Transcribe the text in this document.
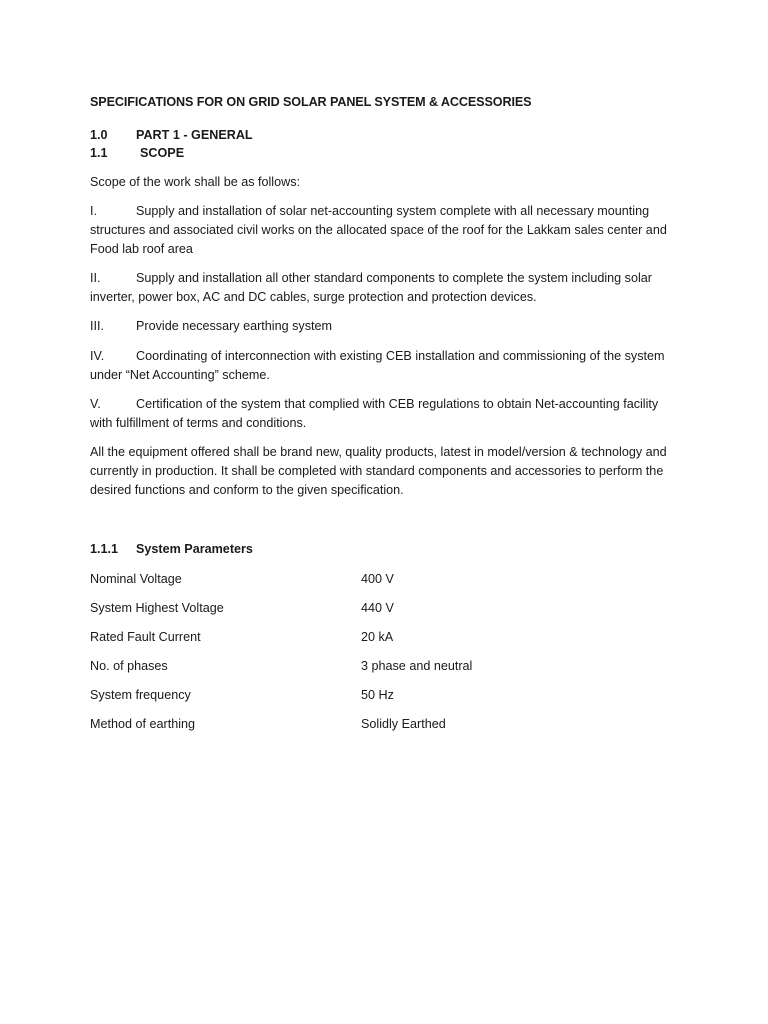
SPECIFICATIONS FOR ON GRID SOLAR PANEL SYSTEM & ACCESSORIES

1.0	PART 1 - GENERAL
1.1	SCOPE

Scope of the work shall be as follows:

I.	Supply and installation of solar net-accounting system complete with all necessary mounting structures and associated civil works on the allocated space of the roof for the Lakkam sales center and Food lab roof area

II.	Supply and installation all other standard components to complete the system including solar inverter, power box, AC and DC cables, surge protection and protection devices.

III.	Provide necessary earthing system

IV.	Coordinating of interconnection with existing CEB installation and commissioning of the system under “Net Accounting” scheme.

V.	Certification of the system that complied with CEB regulations to obtain Net-accounting facility with fulfillment of terms and conditions.

All the equipment offered shall be brand new, quality products, latest in model/version & technology and currently in production. It shall be completed with standard components and accessories to perform the desired functions and conform to the given specification.

1.1.1	System Parameters
Nominal Voltage	400 V
System Highest Voltage	440 V
Rated Fault Current	20 kA
No. of phases	3 phase and neutral
System frequency	50 Hz
Method of earthing	Solidly Earthed
